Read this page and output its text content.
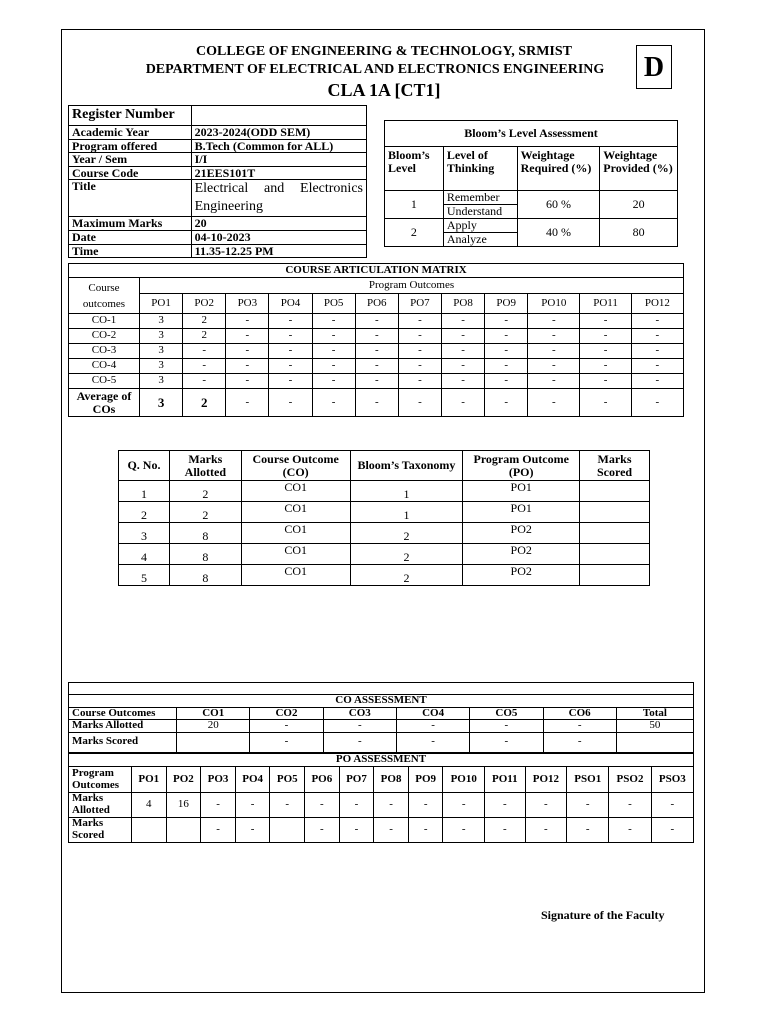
COLLEGE OF ENGINEERING & TECHNOLOGY, SRMIST
DEPARTMENT OF ELECTRICAL AND ELECTRONICS ENGINEERING
CLA 1A [CT1]
D
Register Number	
Academic Year	2023-2024(ODD SEM)
Program offered	B.Tech (Common for ALL)
Year / Sem	I/I
Course Code	21EES101T
Title	Electrical and Electronics Engineering
Maximum Marks	20
Date	04-10-2023
Time	11.35-12.25 PM
Bloom’s Level Assessment			
Bloom’s Level	Level of Thinking	Weightage Required (%)	Weightage Provided (%)
1	Remember	60 %	20
	Understand		
2	Apply	40 %	80
	Analyze		
COURSE ARTICULATION MATRIX												
Course outcomes	Program Outcomes											
	PO1	PO2	PO3	PO4	PO5	PO6	PO7	PO8	PO9	PO10	PO11	PO12
CO-1	3	2	-	-	-	-	-	-	-	-	-	-
CO-2	3	2	-	-	-	-	-	-	-	-	-	-
CO-3	3	-	-	-	-	-	-	-	-	-	-	-
CO-4	3	-	-	-	-	-	-	-	-	-	-	-
CO-5	3	-	-	-	-	-	-	-	-	-	-	-
Average of COs	3	2	-	-	-	-	-	-	-	-	-	-
Q. No.	Marks Allotted	Course Outcome (CO)	Bloom’s Taxonomy	Program Outcome (PO)	Marks Scored
1	2	CO1	1	PO1	
2	2	CO1	1	PO1	
3	8	CO1	2	PO2	
4	8	CO1	2	PO2	
5	8	CO1	2	PO2	

CO ASSESSMENT							
Course Outcomes	CO1	CO2	CO3	CO4	CO5	CO6	Total
Marks Allotted	20	-	-	-	-	-	50
Marks Scored		-	-	-	-	-	
PO ASSESSMENT															
Program Outcomes	PO1	PO2	PO3	PO4	PO5	PO6	PO7	PO8	PO9	PO10	PO11	PO12	PSO1	PSO2	PSO3
Marks Allotted	4	16	-	-	-	-	-	-	-	-	-	-	-	-	-
Marks Scored			-	-		-	-	-	-	-	-	-	-	-	-
Signature of the Faculty
